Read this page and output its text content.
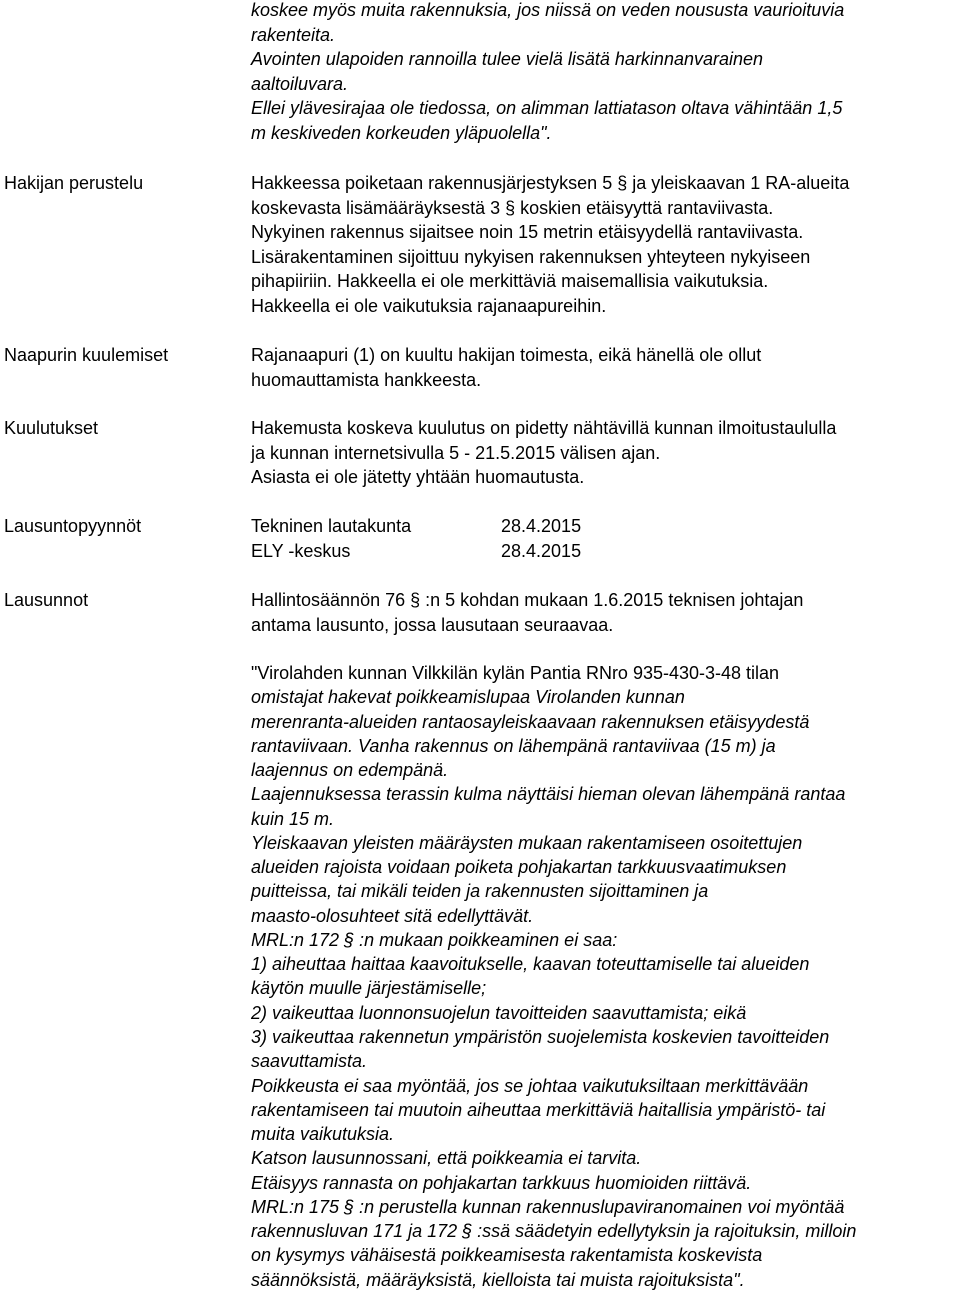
koskee myös muita rakennuksia, jos niissä on veden noususta vaurioituvia
rakenteita.
Avointen ulapoiden rannoilla tulee vielä lisätä harkinnanvarainen
aaltoiluvara.
Ellei ylävesirajaa ole tiedossa, on alimman lattiatason oltava vähintään 1,5
m keskiveden korkeuden yläpuolella".
Hakijan perustelu	Hakkeessa poiketaan rakennusjärjestyksen 5 § ja yleiskaavan 1 RA-alueita
koskevasta lisämääräyksestä 3 § koskien etäisyyttä rantaviivasta.
Nykyinen rakennus sijaitsee noin 15 metrin etäisyydellä rantaviivasta.
Lisärakentaminen sijoittuu nykyisen rakennuksen yhteyteen nykyiseen
pihapiiriin. Hakkeella ei ole merkittäviä maisemallisia vaikutuksia.
Hakkeella ei ole vaikutuksia rajanaapureihin.
Naapurin kuulemiset	Rajanaapuri (1) on kuultu hakijan toimesta, eikä hänellä ole ollut
huomauttamista hankkeesta.
Kuulutukset	Hakemusta koskeva kuulutus on pidetty nähtävillä kunnan ilmoitustaululla
ja kunnan internetsivulla 5 - 21.5.2015 välisen ajan.
Asiasta ei ole jätetty yhtään huomautusta.
Lausuntopyynnöt	Tekninen lautakunta	28.4.2015
ELY -keskus	28.4.2015
Lausunnot	Hallintosäännön 76 § :n 5 kohdan mukaan 1.6.2015 teknisen johtajan
antama lausunto, jossa lausutaan seuraavaa.
"Virolahden kunnan Vilkkilän kylän Pantia RNro 935-430-3-48 tilan
omistajat hakevat poikkeamislupaa Virolanden kunnan
merenranta-alueiden rantaosayleiskaavaan rakennuksen etäisyydestä
rantaviivaan. Vanha rakennus on lähempänä rantaviivaa (15 m) ja
laajennus on edempänä.
Laajennuksessa terassin kulma näyttäisi hieman olevan lähempänä rantaa
kuin 15 m.
Yleiskaavan yleisten määräysten mukaan rakentamiseen osoitettujen
alueiden rajoista voidaan poiketa pohjakartan tarkkuusvaatimuksen
puitteissa, tai mikäli teiden ja rakennusten sijoittaminen ja
maasto-olosuhteet sitä edellyttävät.
MRL:n 172 § :n mukaan poikkeaminen ei saa:
1) aiheuttaa haittaa kaavoitukselle, kaavan toteuttamiselle tai alueiden
käytön muulle järjestämiselle;
2) vaikeuttaa luonnonsuojelun tavoitteiden saavuttamista; eikä
3) vaikeuttaa rakennetun ympäristön suojelemista koskevien tavoitteiden
saavuttamista.
Poikkeusta ei saa myöntää, jos se johtaa vaikutuksiltaan merkittävään
rakentamiseen tai muutoin aiheuttaa merkittäviä haitallisia ympäristö- tai
muita vaikutuksia.
Katson lausunnossani, että poikkeamia ei tarvita.
Etäisyys rannasta on pohjakartan tarkkuus huomioiden riittävä.
MRL:n 175 § :n perustella kunnan rakennuslupaviranomainen voi myöntää
rakennusluvan 171 ja 172 § :ssä säädetyin edellytyksin ja rajoituksin, milloin
on kysymys vähäisestä poikkeamisesta rakentamista koskevista
säännöksistä, määräyksistä, kielloista tai muista rajoituksista".
